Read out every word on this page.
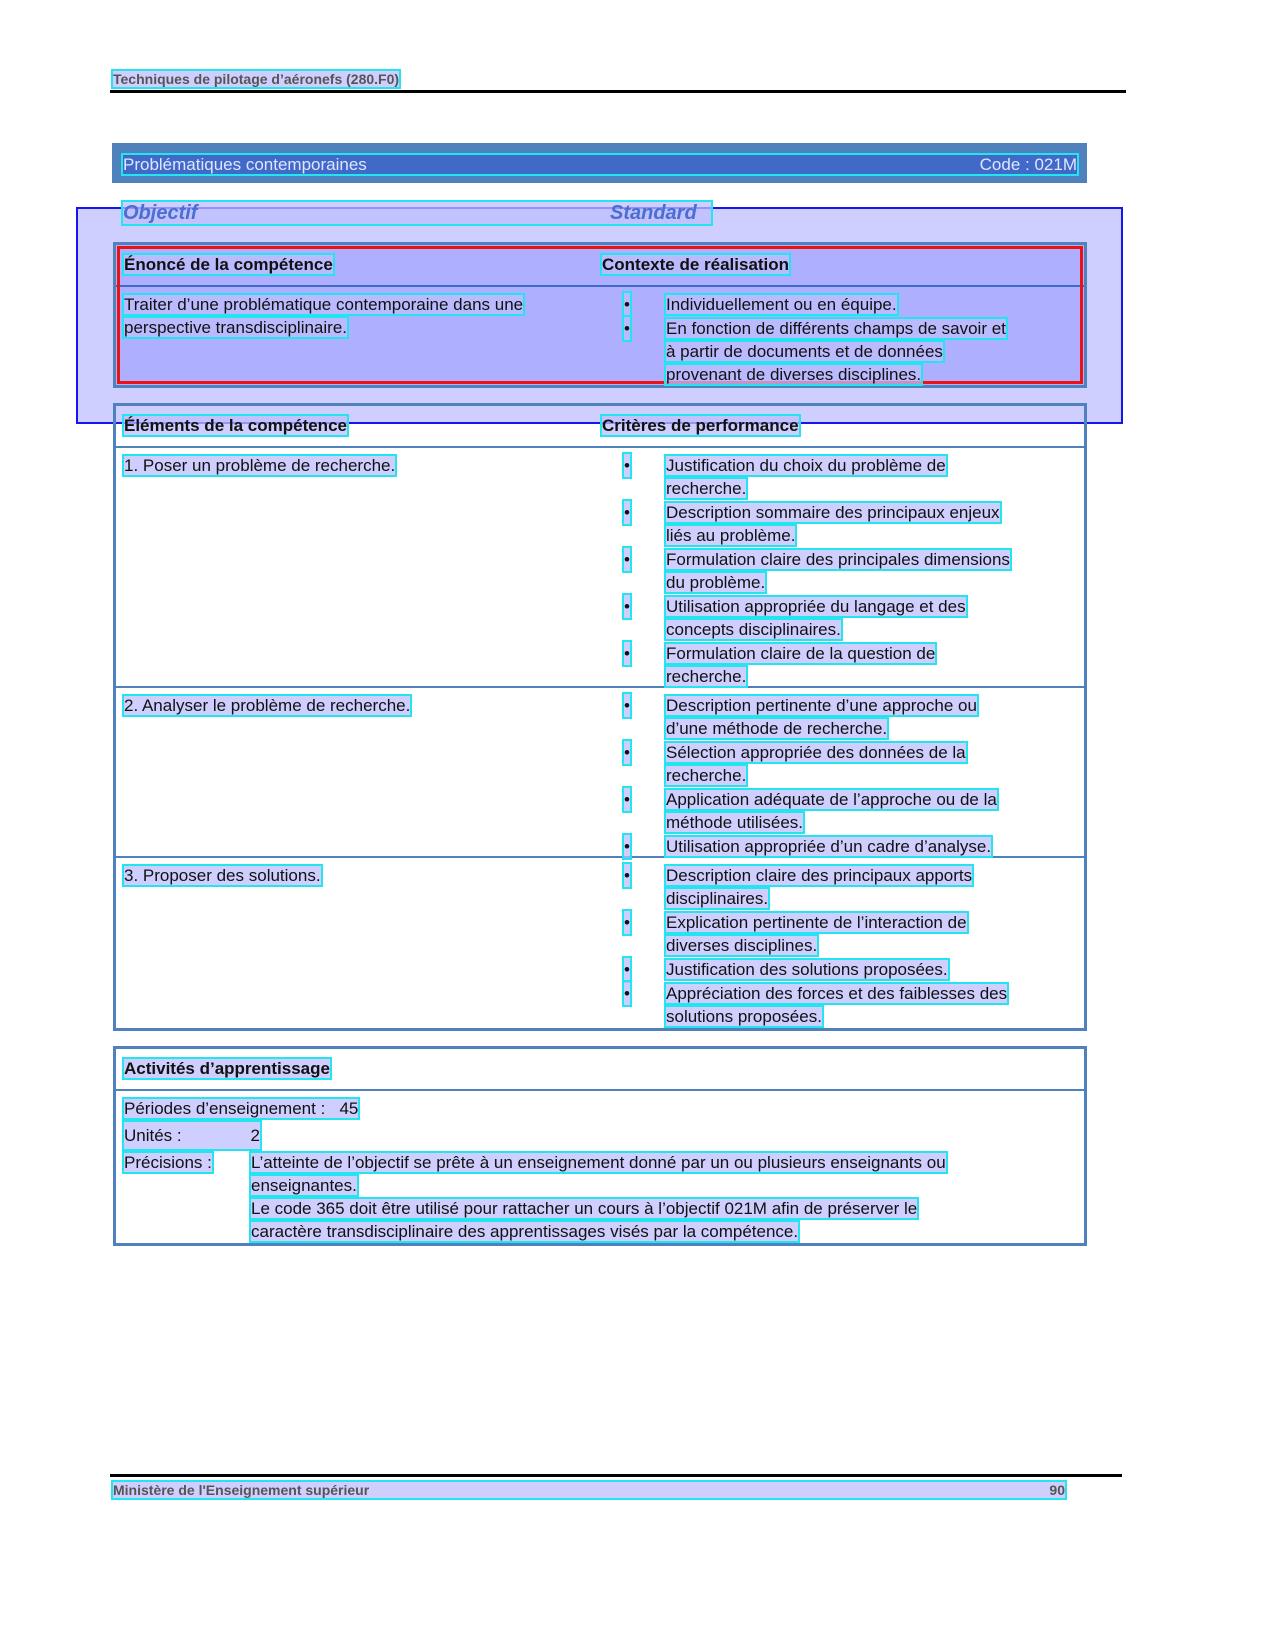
Techniques de pilotage d’aéronefs (280.F0)
Problématiques contemporaines	Code : 021M
Objectif	Standard
Énoncé de la compétence	Contexte de réalisation
Traiter d’une problématique contemporaine dans une
perspective transdisciplinaire.
• Individuellement ou en équipe.
• En fonction de différents champs de savoir et
à partir de documents et de données
provenant de diverses disciplines.
Éléments de la compétence	Critères de performance
1. Poser un problème de recherche.	• Justification du choix du problème de
recherche.
• Description sommaire des principaux enjeux
liés au problème.
• Formulation claire des principales dimensions
du problème.
• Utilisation appropriée du langage et des
concepts disciplinaires.
• Formulation claire de la question de
recherche.
2. Analyser le problème de recherche.	• Description pertinente d’une approche ou
d’une méthode de recherche.
• Sélection appropriée des données de la
recherche.
• Application adéquate de l’approche ou de la
méthode utilisées.
• Utilisation appropriée d’un cadre d’analyse.
3. Proposer des solutions.	• Description claire des principaux apports
disciplinaires.
• Explication pertinente de l’interaction de
diverses disciplines.
• Justification des solutions proposées.
• Appréciation des forces et des faiblesses des
solutions proposées.
Activités d’apprentissage
Périodes d’enseignement : 45
Unités :	2
Précisions :	L’atteinte de l’objectif se prête à un enseignement donné par un ou plusieurs enseignants ou
enseignantes.
Le code 365 doit être utilisé pour rattacher un cours à l’objectif 021M afin de préserver le
caractère transdisciplinaire des apprentissages visés par la compétence.
Ministère de l'Enseignement supérieur	90
